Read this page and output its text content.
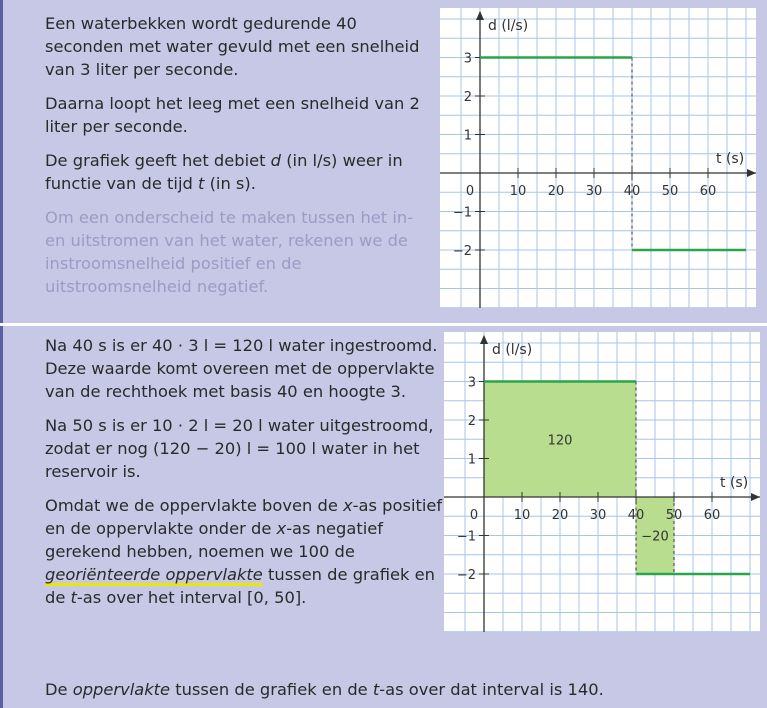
Een waterbekken wordt gedurende 40 seconden met water gevuld met een snelheid van 3 liter per seconde.

Daarna loopt het leeg met een snelheid van 2 liter per seconde.

De grafiek geeft het debiet d (in l/s) weer in functie van de tijd t (in s).

Om een onderscheid te maken tussen het in- en uitstromen van het water, rekenen we de instroomsnelheid positief en de uitstroomsnelheid negatief.

0	10 20 30 40 50 60
−2
−1
1
2
3
d (l/s)
t (s)

Na 40 s is er 40 · 3 l = 120 l water ingestroomd. Deze waarde komt overeen met de oppervlakte van de rechthoek met basis 40 en hoogte 3.

Na 50 s is er 10 · 2 l = 20 l water uitgestroomd, zodat er nog (120 − 20) l = 100 l water in het reservoir is.

Omdat we de oppervlakte boven de x-as positief en de oppervlakte onder de x-as negatief gerekend hebben, noemen we 100 de georiënteerde oppervlakte tussen de grafiek en de t-as over het interval [0, 50].

120
−20
0	10 20 30 40 50 60
−2
−1
1
2
3
d (l/s)
t (s)
De oppervlakte tussen de grafiek en de t-as over dat interval is 140.
